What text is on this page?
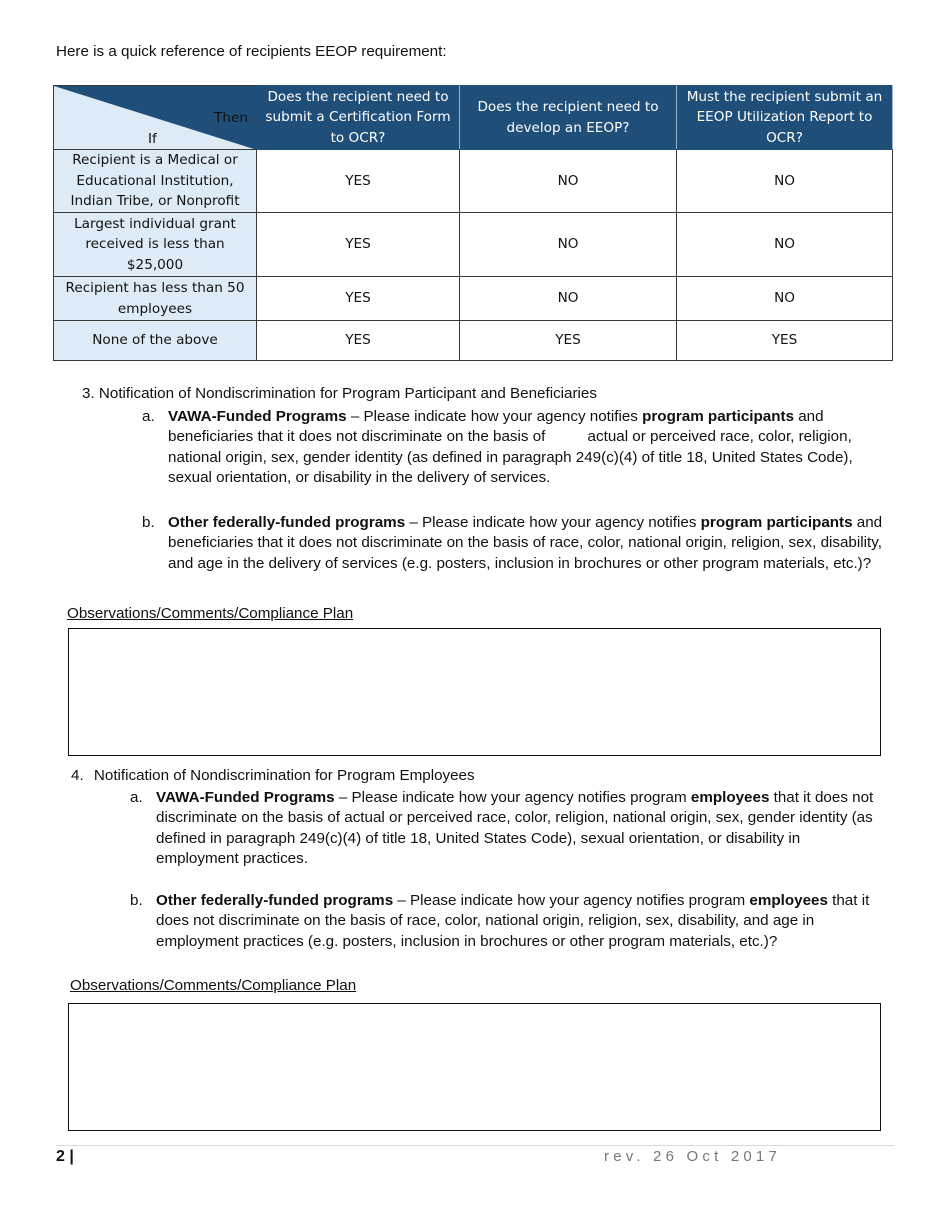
Here is a quick reference of recipients EEOP requirement:
Then
If	Does the recipient need to submit a Certification Form to OCR?	Does the recipient need to develop an EEOP?	Must the recipient submit an EEOP Utilization Report to OCR?
Recipient is a Medical or Educational Institution, Indian Tribe, or Nonprofit	YES	NO	NO
Largest individual grant received is less than $25,000	YES	NO	NO
Recipient has less than 50 employees	YES	NO	NO
None of the above	YES	YES	YES
3. Notification of Nondiscrimination for Program Participant and Beneficiaries
a. VAWA-Funded Programs – Please indicate how your agency notifies program participants and beneficiaries that it does not discriminate on the basis of          actual or perceived race, color, religion, national origin, sex, gender identity (as defined in paragraph 249(c)(4) of title 18, United States Code), sexual orientation, or disability in the delivery of services.
b. Other federally-funded programs – Please indicate how your agency notifies program participants and beneficiaries that it does not discriminate on the basis of race, color, national origin, religion, sex, disability, and age in the delivery of services (e.g. posters, inclusion in brochures or other program materials, etc.)?
Observations/Comments/Compliance Plan
4. Notification of Nondiscrimination for Program Employees
a. VAWA-Funded Programs – Please indicate how your agency notifies program employees that it does not discriminate on the basis of actual or perceived race, color, religion, national origin, sex, gender identity (as defined in paragraph 249(c)(4) of title 18, United States Code), sexual orientation, or disability in employment practices.
b. Other federally-funded programs – Please indicate how your agency notifies program employees that it does not discriminate on the basis of race, color, national origin, religion, sex, disability, and age in employment practices (e.g. posters, inclusion in brochures or other program materials, etc.)?
Observations/Comments/Compliance Plan
2 |	rev. 26 Oct 2017
